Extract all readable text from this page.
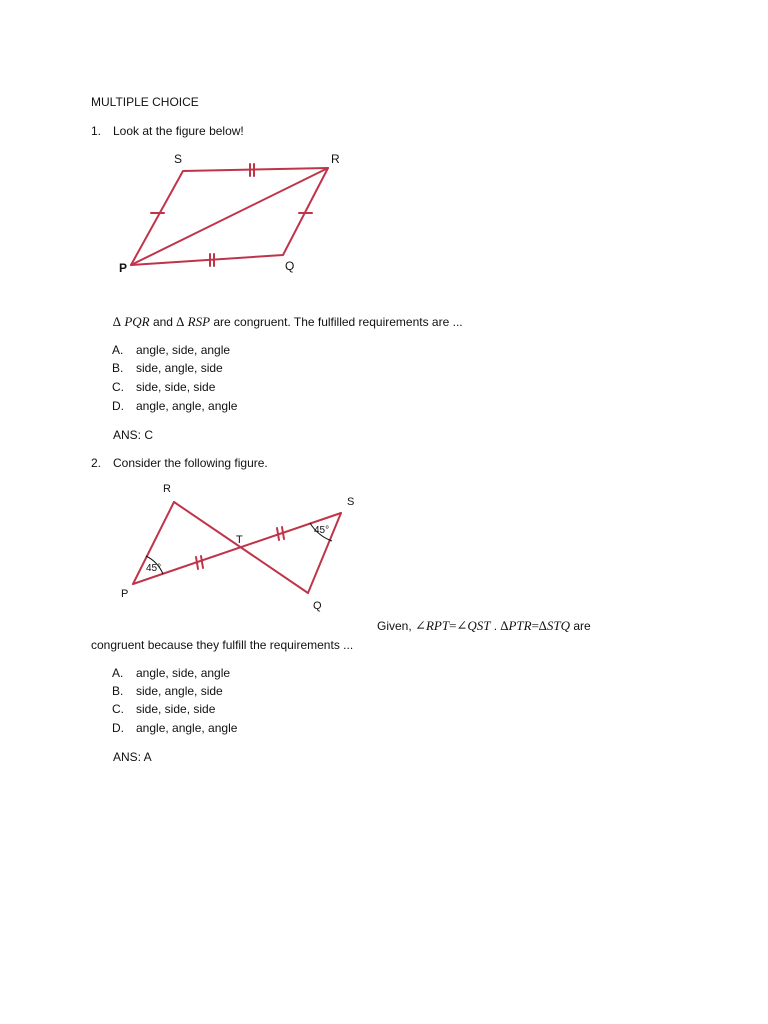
MULTIPLE CHOICE
1. Look at the figure below!
S	R
P	Q
∆ PQR and ∆ RSP are congruent. The fulfilled requirements are ...
A. angle, side, angle
B. side, angle, side
C. side, side, side
D. angle, angle, angle
ANS: C
2. Consider the following figure.
R
S
T
P
Q
45°
45°
Given, ∠RPT=∠QST . ∆PTR=∆STQ are
congruent because they fulfill the requirements ...
A. angle, side, angle
B. side, angle, side
C. side, side, side
D. angle, angle, angle
ANS: A
